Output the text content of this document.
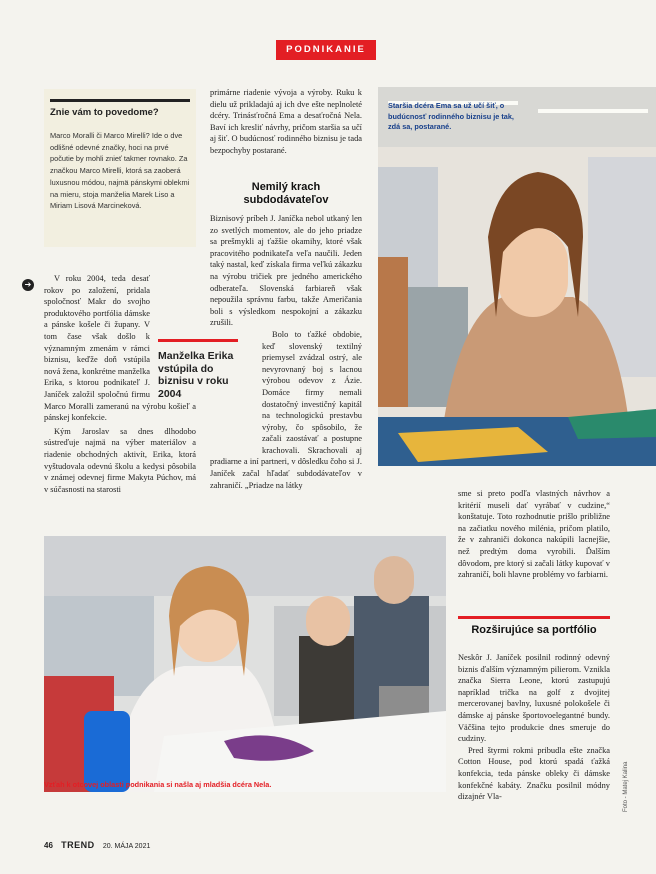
PODNIKANIE
Znie vám to povedome?
Marco Moralli či Marco Mirelli? Ide o dve odlišné odevné značky, hoci na prvé počutie by mohli znieť takmer rovnako. Za značkou Marco Mirelli, ktorá sa zaoberá luxusnou módou, najmä pánskymi oblekmi na mieru, stoja manželia Marek Liso a Miriam Lisová Marcineková.
➔

V roku 2004, teda desať rokov po založení, pridala spoločnosť Makr do svojho produktového portfólia dámske a pánske košele či župany. V tom čase však došlo k významným zmenám v rámci biznisu, keďže doň vstúpila nová žena, konkrétne manželka Erika, s ktorou podnikateľ J. Janíček založil spoločnú firmu Marco Moralli zameranú na výrobu košieľ a pánskej konfekcie.

Kým Jaroslav sa dnes dlhodobo sústreďuje najmä na výber materiálov a riadenie obchodných aktivít, Erika, ktorá vyštudovala odevnú školu a kedysi pôsobila v známej odevnej firme Makyta Púchov, má v súčasnosti na starosti

Manželka Erika vstúpila do biznisu v roku 2004
primárne riadenie vývoja a výroby. Ruku k dielu už prikladajú aj ich dve ešte neplnoleté dcéry. Trinásťročná Ema a desaťročná Nela. Baví ich kresliť návrhy, pričom staršia sa učí aj šiť. O budúcnosť rodinného biznisu je tada bezpochyby postarané.
Nemilý krach subdodávateľov

Biznisový príbeh J. Janíčka nebol utkaný len zo svetlých momentov, ale do jeho priadze sa prešmykli aj ťažšie okamihy, ktoré však pracovitého podnikateľa veľa naučili. Jeden taký nastal, keď získala firma veľkú zákazku na výrobu tričiek pre jedného amerického odberateľa. Slovenská farbiareň však nepoužila správnu farbu, takže Američania boli s výsledkom nespokojní a zákazku zrušili.

Bolo to ťažké obdobie, keď slovenský textilný priemysel zvádzal ostrý, ale nevyrovnaný boj s lacnou výrobou odevov z Ázie. Domáce firmy nemali dostatočný investičný kapitál na technologickú prestavbu výroby, čo spôsobilo, že začali zaostávať a postupne krachovali. Skrachovali aj pradiarne a iní partneri, v dôsledku čoho si J. Janíček začal hľadať subdodávateľov v zahraničí. „Priadze na látky

Staršia dcéra Ema sa už učí šiť, o budúcnosť rodinného biznisu je tak, zdá sa, postarané.
Vzťah k otcovej oblasti podnikania si našla aj mladšia dcéra Nela.
sme si preto podľa vlastných návrhov a kritérií museli dať vyrábať v cudzine,“ konštatuje. Toto rozhodnutie prišlo približne na začiatku nového milénia, pričom platilo, že v zahraniči dokonca nakúpili lacnejšie, než predtým doma vyrobili. Ďalším dôvodom, pre ktorý si začali látky kupovať v zahraničí, boli hlavne problémy vo farbiarni.
Rozširujúce sa portfólio

Neskôr J. Janíček posilnil rodinný odevný biznis ďalším významným pilierom. Vznikla značka Sierra Leone, ktorú zastupujú napríklad trička na golf z dvojitej mercerovanej bavlny, luxusné polokošele či dámske aj pánske športovoelegantné bundy. Väčšina tejto produkcie dnes smeruje do cudziny.

Pred štyrmi rokmi pribudla ešte značka Cotton House, pod ktorú spadá ťažká konfekcia, teda pánske obleky či dámske konfekčné kabáty. Značku posilnil módny dizajnér Vla-	Foto - Matej Kalina
46 TREND 20. MÁJA 2021
